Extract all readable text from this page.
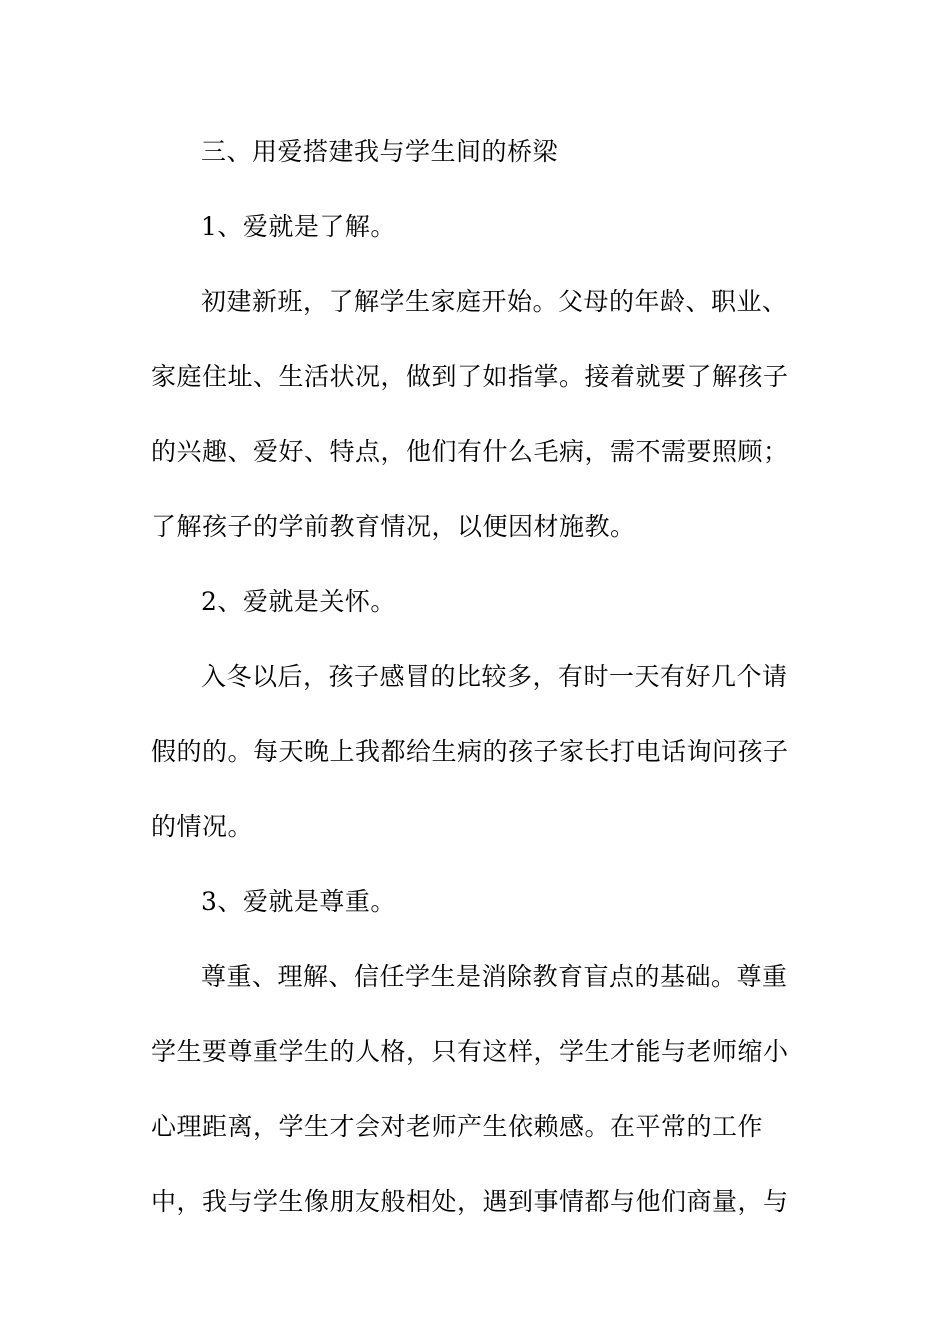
三、用爱搭建我与学生间的桥梁
1、爱就是了解。
初建新班，了解学生家庭开始。父母的年龄、职业、
家庭住址、生活状况，做到了如指掌。接着就要了解孩子
的兴趣、爱好、特点，他们有什么毛病，需不需要照顾；
了解孩子的学前教育情况，以便因材施教。
2、爱就是关怀。
入冬以后，孩子感冒的比较多，有时一天有好几个请
假的的。每天晚上我都给生病的孩子家长打电话询问孩子
的情况。
3、爱就是尊重。
尊重、理解、信任学生是消除教育盲点的基础。尊重
学生要尊重学生的人格，只有这样，学生才能与老师缩小
心理距离，学生才会对老师产生依赖感。在平常的工作
中，我与学生像朋友般相处，遇到事情都与他们商量，与
